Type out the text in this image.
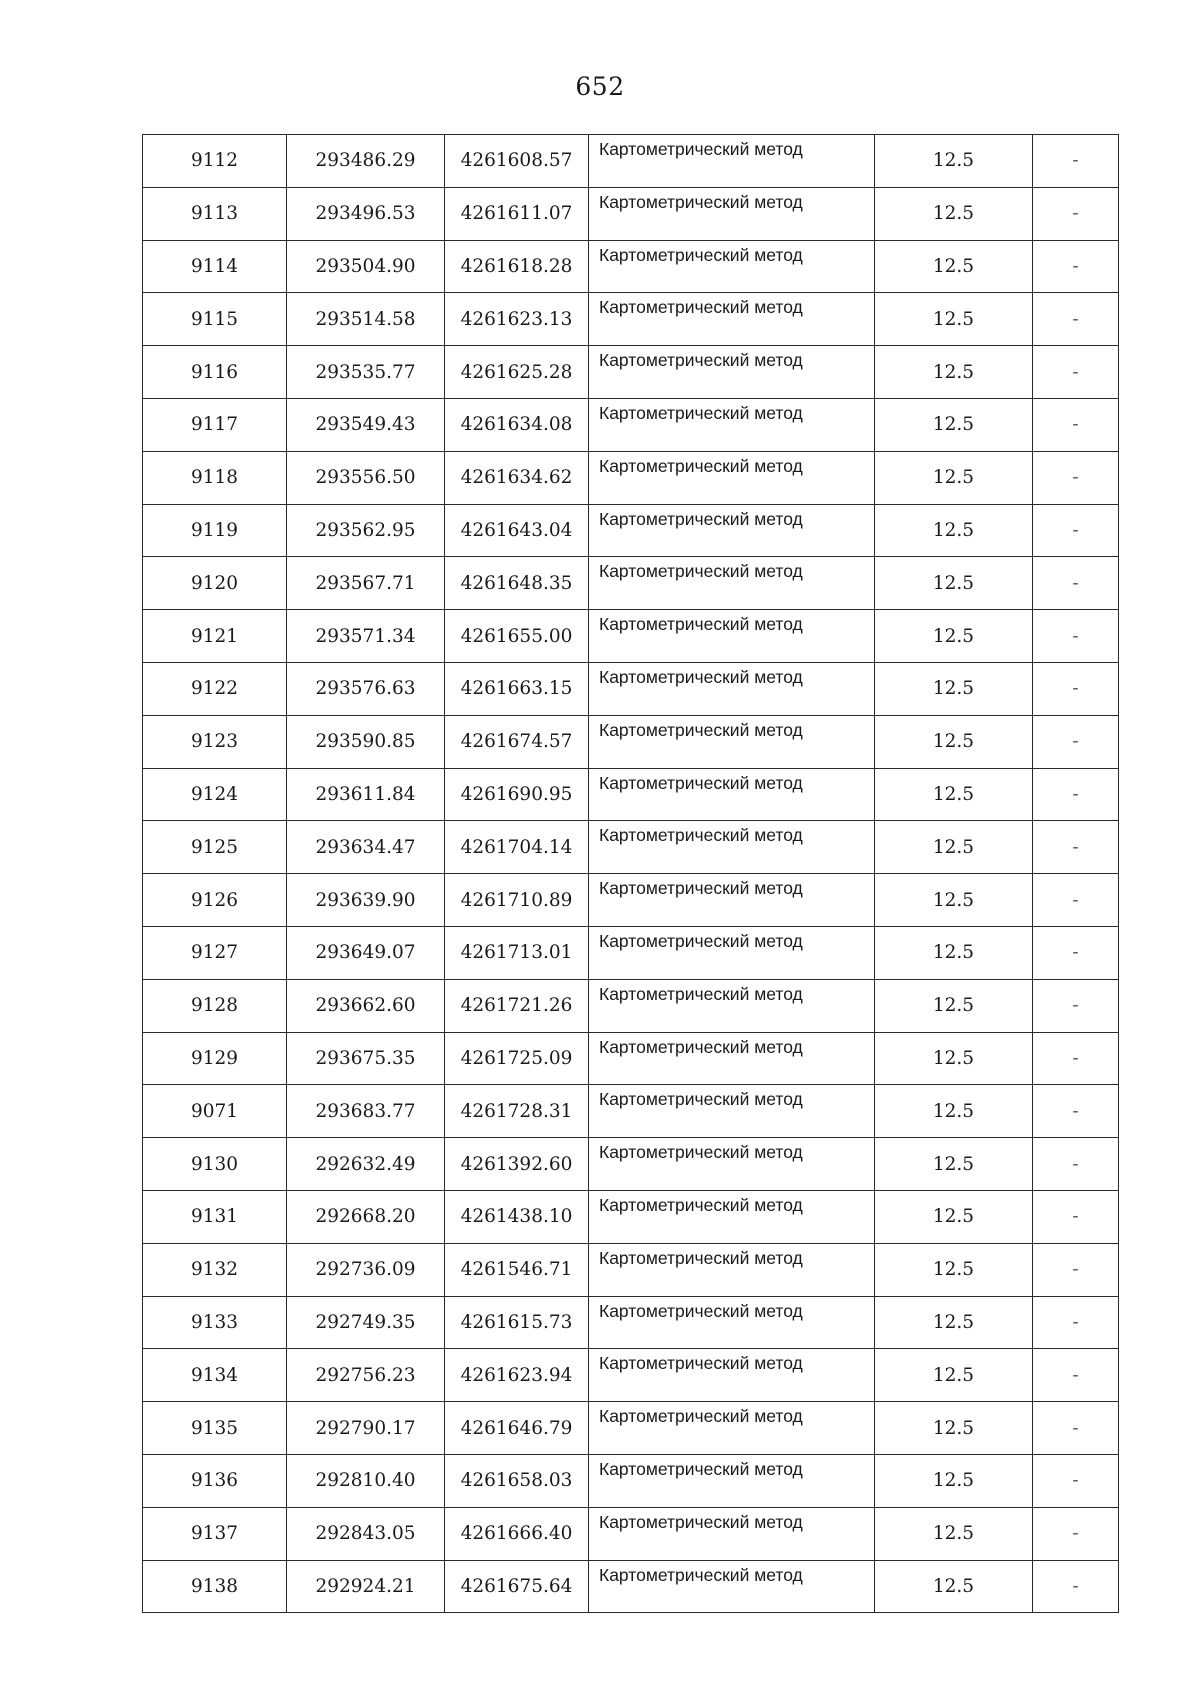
652
9112	293486.29	4261608.57	Картометрический метод	12.5	-
9113	293496.53	4261611.07	Картометрический метод	12.5	-
9114	293504.90	4261618.28	Картометрический метод	12.5	-
9115	293514.58	4261623.13	Картометрический метод	12.5	-
9116	293535.77	4261625.28	Картометрический метод	12.5	-
9117	293549.43	4261634.08	Картометрический метод	12.5	-
9118	293556.50	4261634.62	Картометрический метод	12.5	-
9119	293562.95	4261643.04	Картометрический метод	12.5	-
9120	293567.71	4261648.35	Картометрический метод	12.5	-
9121	293571.34	4261655.00	Картометрический метод	12.5	-
9122	293576.63	4261663.15	Картометрический метод	12.5	-
9123	293590.85	4261674.57	Картометрический метод	12.5	-
9124	293611.84	4261690.95	Картометрический метод	12.5	-
9125	293634.47	4261704.14	Картометрический метод	12.5	-
9126	293639.90	4261710.89	Картометрический метод	12.5	-
9127	293649.07	4261713.01	Картометрический метод	12.5	-
9128	293662.60	4261721.26	Картометрический метод	12.5	-
9129	293675.35	4261725.09	Картометрический метод	12.5	-
9071	293683.77	4261728.31	Картометрический метод	12.5	-
9130	292632.49	4261392.60	Картометрический метод	12.5	-
9131	292668.20	4261438.10	Картометрический метод	12.5	-
9132	292736.09	4261546.71	Картометрический метод	12.5	-
9133	292749.35	4261615.73	Картометрический метод	12.5	-
9134	292756.23	4261623.94	Картометрический метод	12.5	-
9135	292790.17	4261646.79	Картометрический метод	12.5	-
9136	292810.40	4261658.03	Картометрический метод	12.5	-
9137	292843.05	4261666.40	Картометрический метод	12.5	-
9138	292924.21	4261675.64	Картометрический метод	12.5	-
